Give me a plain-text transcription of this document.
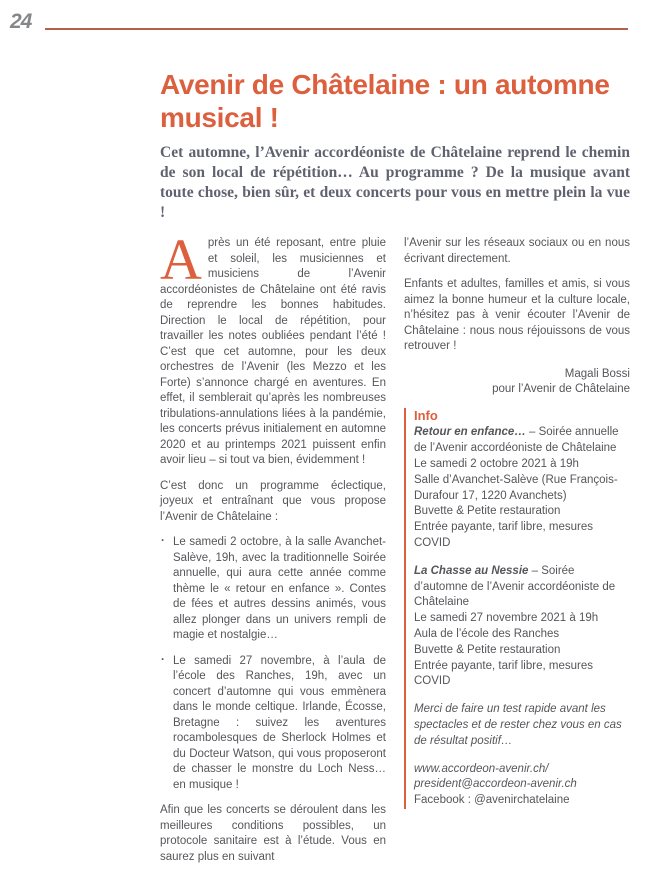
24
Avenir de Châtelaine : un automne musical !

Cet automne, l’Avenir accordéoniste de Châtelaine reprend le chemin de son local de répétition… Au programme ? De la musique avant toute chose, bien sûr, et deux concerts pour vous en mettre plein la vue !

Après un été reposant, entre pluie et soleil, les musiciennes et musiciens de l’Avenir accordéonistes de Châtelaine ont été ravis de reprendre les bonnes habitudes. Direction le local de répétition, pour travailler les notes oubliées pendant l’été ! C’est que cet automne, pour les deux orchestres de l’Avenir (les Mezzo et les Forte) s’annonce chargé en aventures. En effet, il semblerait qu’après les nombreuses tribulations-annulations liées à la pandémie, les concerts prévus initialement en automne 2020 et au printemps 2021 puissent enfin avoir lieu – si tout va bien, évidemment !

C’est donc un programme éclectique, joyeux et entraînant que vous propose l’Avenir de Châtelaine :

· Le samedi 2 octobre, à la salle Avanchet-Salève, 19h, avec la traditionnelle Soirée annuelle, qui aura cette année comme thème le « retour en enfance ». Contes de fées et autres dessins animés, vous allez plonger dans un univers rempli de magie et nostalgie…
· Le samedi 27 novembre, à l’aula de l’école des Ranches, 19h, avec un concert d’automne qui vous emmènera dans le monde celtique. Irlande, Écosse, Bretagne : suivez les aventures rocambolesques de Sherlock Holmes et du Docteur Watson, qui vous proposeront de chasser le monstre du Loch Ness… en musique !

Afin que les concerts se déroulent dans les meilleures conditions possibles, un protocole sanitaire est à l’étude. Vous en saurez plus en suivant

l’Avenir sur les réseaux sociaux ou en nous écrivant directement.

Enfants et adultes, familles et amis, si vous aimez la bonne humeur et la culture locale, n’hésitez pas à venir écouter l’Avenir de Châtelaine : nous nous réjouissons de vous retrouver !

Magali Bossi
pour l’Avenir de Châtelaine
Info
Retour en enfance… – Soirée annuelle de l’Avenir accordéoniste de Châtelaine
Le samedi 2 octobre 2021 à 19h
Salle d’Avanchet-Salève (Rue François-Durafour 17, 1220 Avanchets)
Buvette & Petite restauration
Entrée payante, tarif libre, mesures COVID
La Chasse au Nessie – Soirée d’automne de l’Avenir accordéoniste de Châtelaine
Le samedi 27 novembre 2021 à 19h
Aula de l’école des Ranches
Buvette & Petite restauration
Entrée payante, tarif libre, mesures COVID
Merci de faire un test rapide avant les spectacles et de rester chez vous en cas de résultat positif…
www.accordeon-avenir.ch/
president@accordeon-avenir.ch
Facebook : @avenirchatelaine
